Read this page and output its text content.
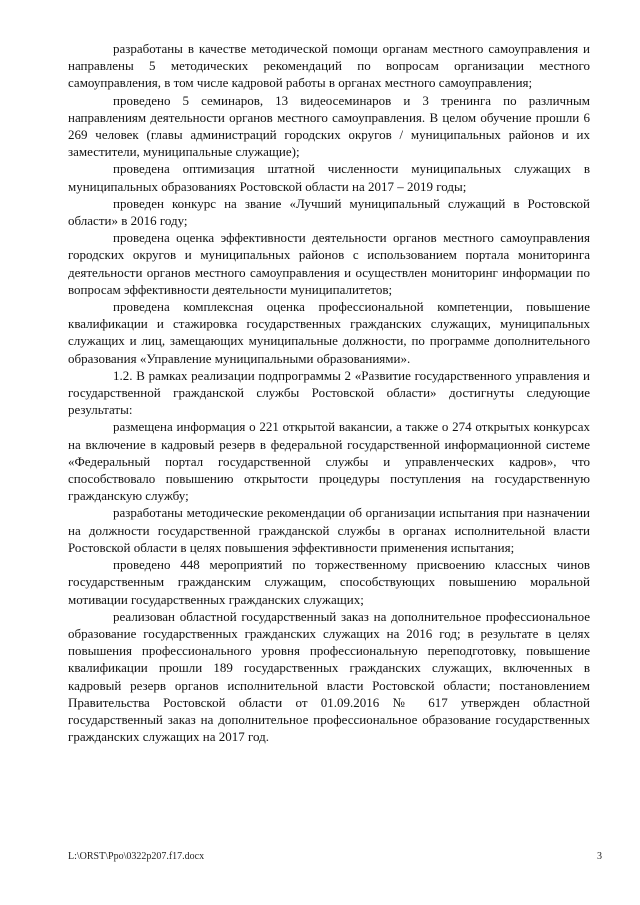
разработаны в качестве методической помощи органам местного самоуправления и направлены 5 методических рекомендаций по вопросам организации местного самоуправления, в том числе кадровой работы в органах местного самоуправления;

проведено 5 семинаров, 13 видеосеминаров и 3 тренинга по различным направлениям деятельности органов местного самоуправления. В целом обучение прошли 6 269 человек (главы администраций городских округов / муниципальных районов и их заместители, муниципальные служащие);

проведена оптимизация штатной численности муниципальных служащих в муниципальных образованиях Ростовской области на 2017 – 2019 годы;

проведен конкурс на звание «Лучший муниципальный служащий в Ростовской области» в 2016 году;

проведена оценка эффективности деятельности органов местного самоуправления городских округов и муниципальных районов с использованием портала мониторинга деятельности органов местного самоуправления и осуществлен мониторинг информации по вопросам эффективности деятельности муниципалитетов;

проведена комплексная оценка профессиональной компетенции, повышение квалификации и стажировка государственных гражданских служащих, муниципальных служащих и лиц, замещающих муниципальные должности, по программе дополнительного образования «Управление муниципальными образованиями».

1.2. В рамках реализации подпрограммы 2 «Развитие государственного управления и государственной гражданской службы Ростовской области» достигнуты следующие результаты:

размещена информация о 221 открытой вакансии, а также о 274 открытых конкурсах на включение в кадровый резерв в федеральной государственной информационной системе «Федеральный портал государственной службы и управленческих кадров», что способствовало повышению открытости процедуры поступления на государственную гражданскую службу;

разработаны методические рекомендации об организации испытания при назначении на должности государственной гражданской службы в органах исполнительной власти Ростовской области в целях повышения эффективности применения испытания;

проведено 448 мероприятий по торжественному присвоению классных чинов государственным гражданским служащим, способствующих повышению моральной мотивации государственных гражданских служащих;

реализован областной государственный заказ на дополнительное профессиональное образование государственных гражданских служащих на 2016 год; в результате в целях повышения профессионального уровня профессиональную переподготовку, повышение квалификации прошли 189 государственных гражданских служащих, включенных в кадровый резерв органов исполнительной власти Ростовской области; постановлением Правительства Ростовской области от 01.09.2016 № 617 утвержден областной государственный заказ на дополнительное профессиональное образование государственных гражданских служащих на 2017 год.

L:\ORST\Ppo\0322p207.f17.docx	3
